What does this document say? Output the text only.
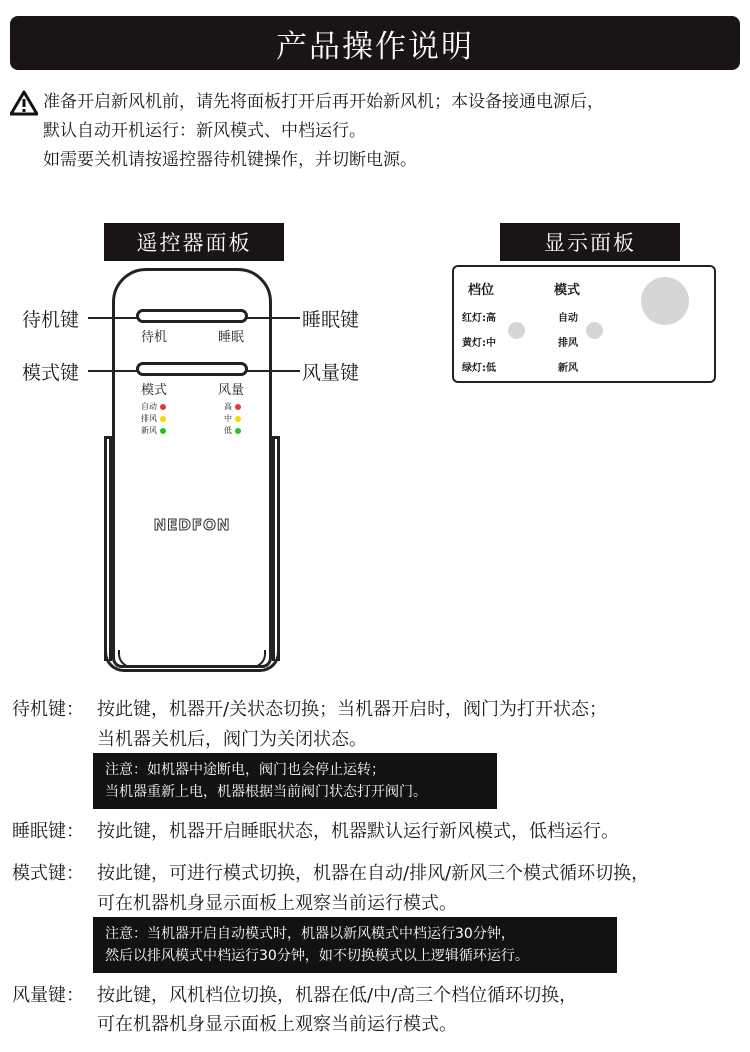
产品操作说明
准备开启新风机前，请先将面板打开后再开始新风机；本设备接通电源后，
默认自动开机运行：新风模式、中档运行。
如需要关机请按遥控器待机键操作，并切断电源。
遥控器面板
待机	睡眠
模式	风量
自动
排风
新风
高
中
低
NEDFON
待机键	睡眠键
模式键	风量键
显示面板
档位	模式
红灯:高	自动
黄灯:中	排风
绿灯:低	新风
待机键： 按此键，机器开/关状态切换；当机器开启时，阀门为打开状态；
当机器关机后，阀门为关闭状态。
注意：如机器中途断电，阀门也会停止运转；
当机器重新上电，机器根据当前阀门状态打开阀门。
睡眠键： 按此键，机器开启睡眠状态，机器默认运行新风模式，低档运行。
模式键： 按此键，可进行模式切换，机器在自动/排风/新风三个模式循环切换，
可在机器机身显示面板上观察当前运行模式。
注意：当机器开启自动模式时，机器以新风模式中档运行30分钟，
然后以排风模式中档运行30分钟，如不切换模式以上逻辑循环运行。
风量键： 按此键，风机档位切换，机器在低/中/高三个档位循环切换，
可在机器机身显示面板上观察当前运行模式。
